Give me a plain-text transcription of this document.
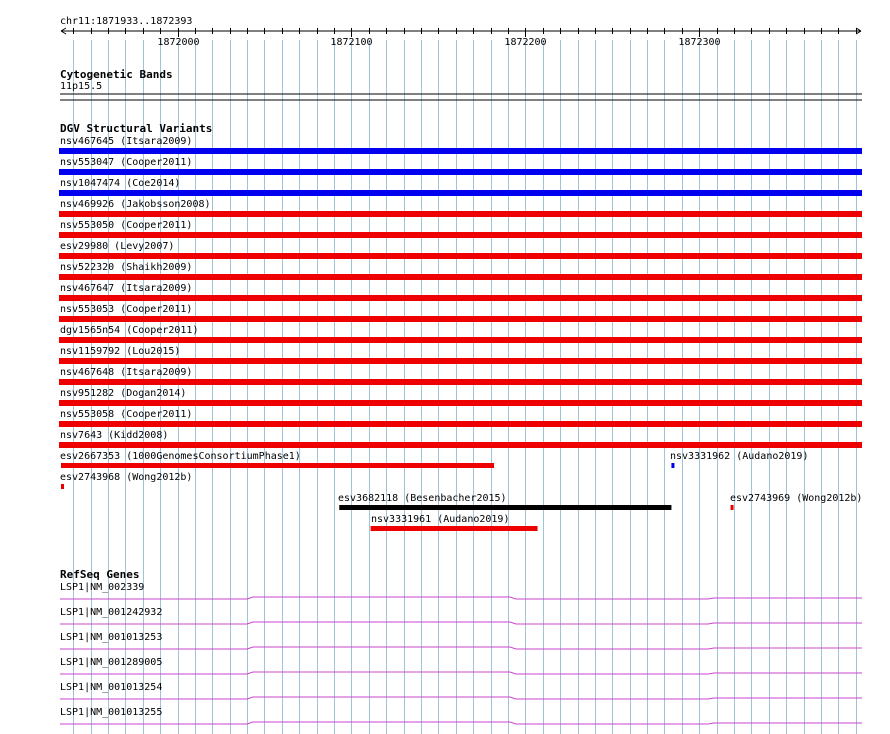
chr11:1871933..1872393
1872000	1872100	1872200	1872300
Cytogenetic Bands
11p15.5
DGV Structural Variants
nsv467645 (Itsara2009)
nsv553047 (Cooper2011)
nsv1047474 (Coe2014)
nsv469926 (Jakobsson2008)
nsv553050 (Cooper2011)
esv29980 (Levy2007)
nsv522320 (Shaikh2009)
nsv467647 (Itsara2009)
nsv553053 (Cooper2011)
dgv1565n54 (Cooper2011)
nsv1159792 (Lou2015)
nsv467648 (Itsara2009)
nsv951282 (Dogan2014)
nsv553058 (Cooper2011)
nsv7643 (Kidd2008)
esv2667353 (1000GenomesConsortiumPhase1)	nsv3331962 (Audano2019)
esv2743968 (Wong2012b)
esv3682118 (Besenbacher2015)	esv2743969 (Wong2012b)
nsv3331961 (Audano2019)
RefSeq Genes
LSP1|NM_002339
LSP1|NM_001242932
LSP1|NM_001013253
LSP1|NM_001289005
LSP1|NM_001013254
LSP1|NM_001013255
